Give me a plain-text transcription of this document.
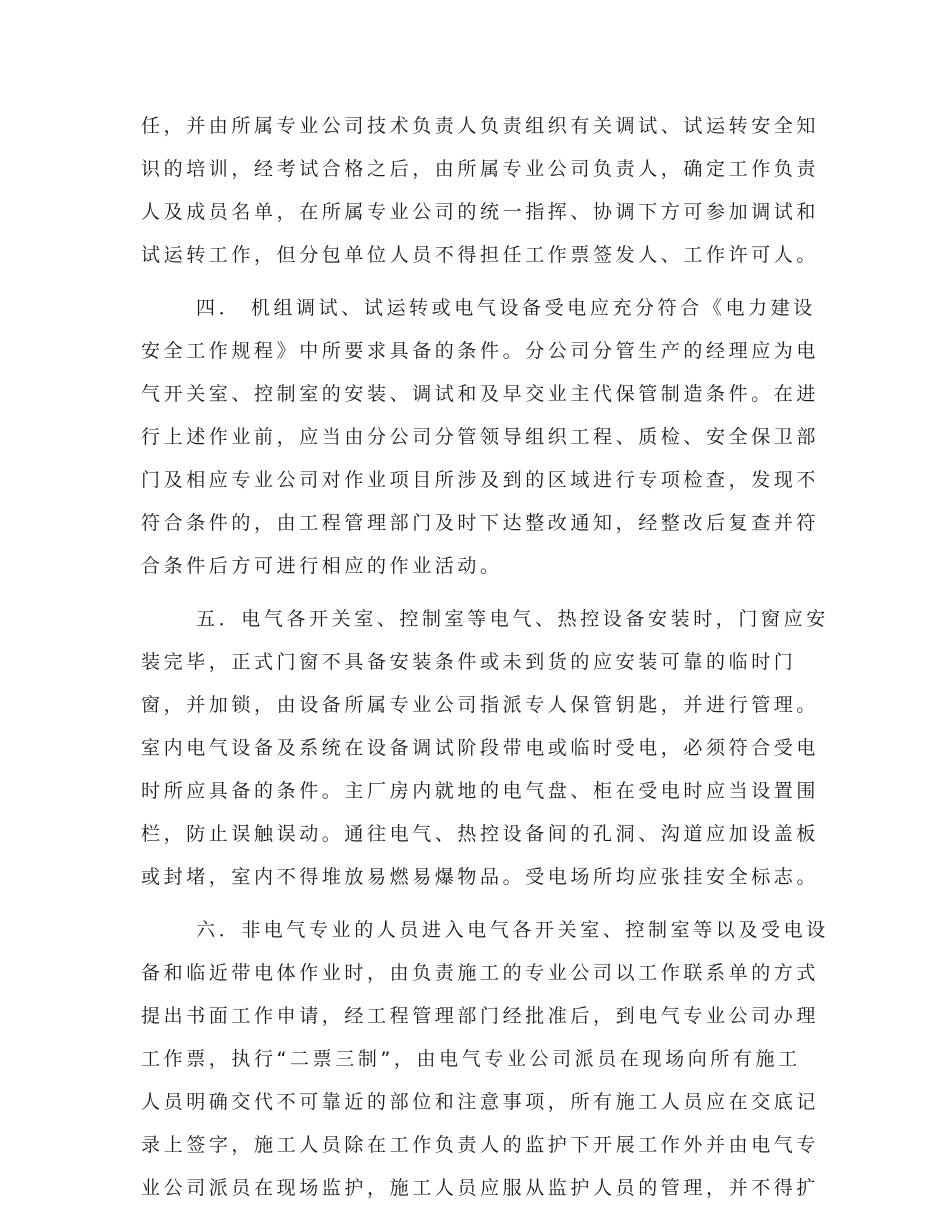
任，并由所属专业公司技术负责人负责组织有关调试、试运转安全知
识的培训，经考试合格之后，由所属专业公司负责人，确定工作负责
人及成员名单，在所属专业公司的统一指挥、协调下方可参加调试和
试运转工作，但分包单位人员不得担任工作票签发人、工作许可人。
四． 机组调试、试运转或电气设备受电应充分符合《电力建设
安全工作规程》中所要求具备的条件。分公司分管生产的经理应为电
气开关室、控制室的安装、调试和及早交业主代保管制造条件。在进
行上述作业前，应当由分公司分管领导组织工程、质检、安全保卫部
门及相应专业公司对作业项目所涉及到的区域进行专项检查，发现不
符合条件的，由工程管理部门及时下达整改通知，经整改后复查并符
合条件后方可进行相应的作业活动。
五．电气各开关室、控制室等电气、热控设备安装时，门窗应安
装完毕，正式门窗不具备安装条件或未到货的应安装可靠的临时门
窗，并加锁，由设备所属专业公司指派专人保管钥匙，并进行管理。
室内电气设备及系统在设备调试阶段带电或临时受电，必须符合受电
时所应具备的条件。主厂房内就地的电气盘、柜在受电时应当设置围
栏，防止误触误动。通往电气、热控设备间的孔洞、沟道应加设盖板
或封堵，室内不得堆放易燃易爆物品。受电场所均应张挂安全标志。
六．非电气专业的人员进入电气各开关室、控制室等以及受电设
备和临近带电体作业时，由负责施工的专业公司以工作联系单的方式
提出书面工作申请，经工程管理部门经批准后，到电气专业公司办理
工作票，执行“二票三制”，由电气专业公司派员在现场向所有施工
人员明确交代不可靠近的部位和注意事项，所有施工人员应在交底记
录上签字，施工人员除在工作负责人的监护下开展工作外并由电气专
业公司派员在现场监护，施工人员应服从监护人员的管理，并不得扩
